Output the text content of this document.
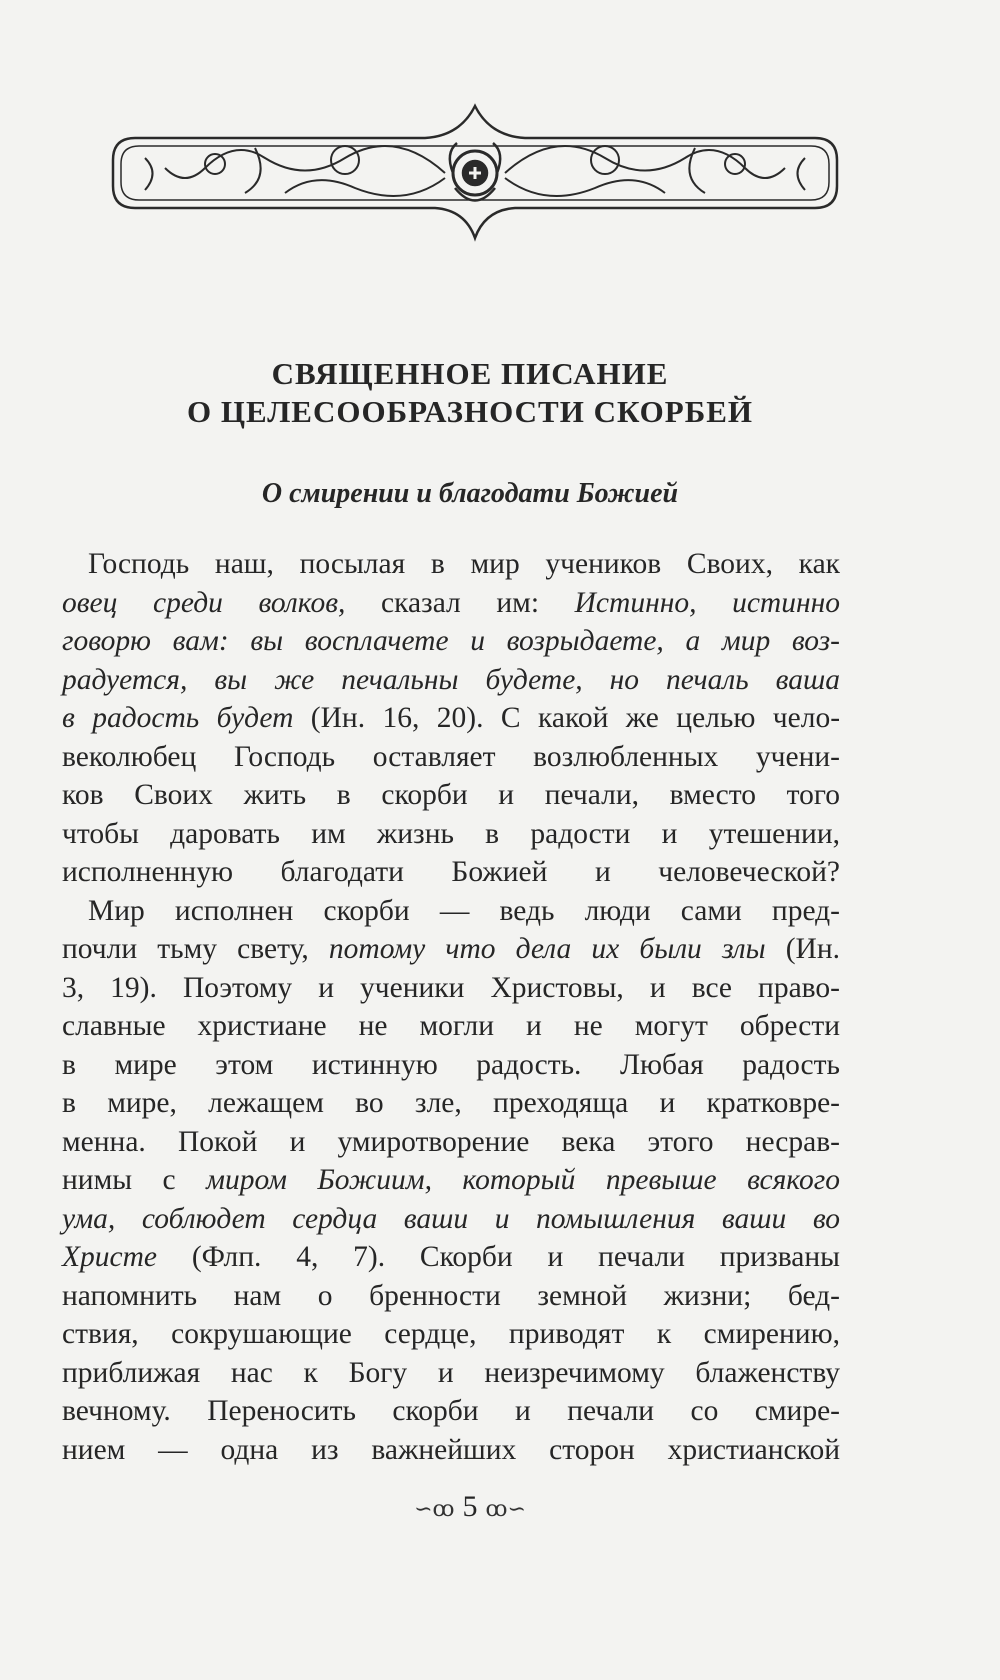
СВЯЩЕННОЕ ПИСАНИЕ
О ЦЕЛЕСООБРАЗНОСТИ СКОРБЕЙ
О смирении и благодати Божией
Господь наш, посылая в мир учеников Своих, как
овец среди волков, сказал им: Истинно, истинно
говорю вам: вы восплачете и возрыдаете, а мир воз-
радуется, вы же печальны будете, но печаль ваша
в радость будет (Ин. 16, 20). С какой же целью чело-
веколюбец Господь оставляет возлюбленных учени-
ков Своих жить в скорби и печали, вместо того
чтобы даровать им жизнь в радости и утешении,
исполненную благодати Божией и человеческой?
Мир исполнен скорби — ведь люди сами пред-
почли тьму свету, потому что дела их были злы (Ин.
3, 19). Поэтому и ученики Христовы, и все право-
славные христиане не могли и не могут обрести
в мире этом истинную радость. Любая радость
в мире, лежащем во зле, преходяща и кратковре-
менна. Покой и умиротворение века этого несрав-
нимы с миром Божиим, который превыше всякого
ума, соблюдет сердца ваши и помышления ваши во
Христе (Флп. 4, 7). Скорби и печали призваны
напомнить нам о бренности земной жизни; бед-
ствия, сокрушающие сердце, приводят к смирению,
приближая нас к Богу и неизречимому блаженству
вечному. Переносить скорби и печали со смире-
нием — одна из важнейших сторон христианской
∽ꝏ 5 ꝏ∽
